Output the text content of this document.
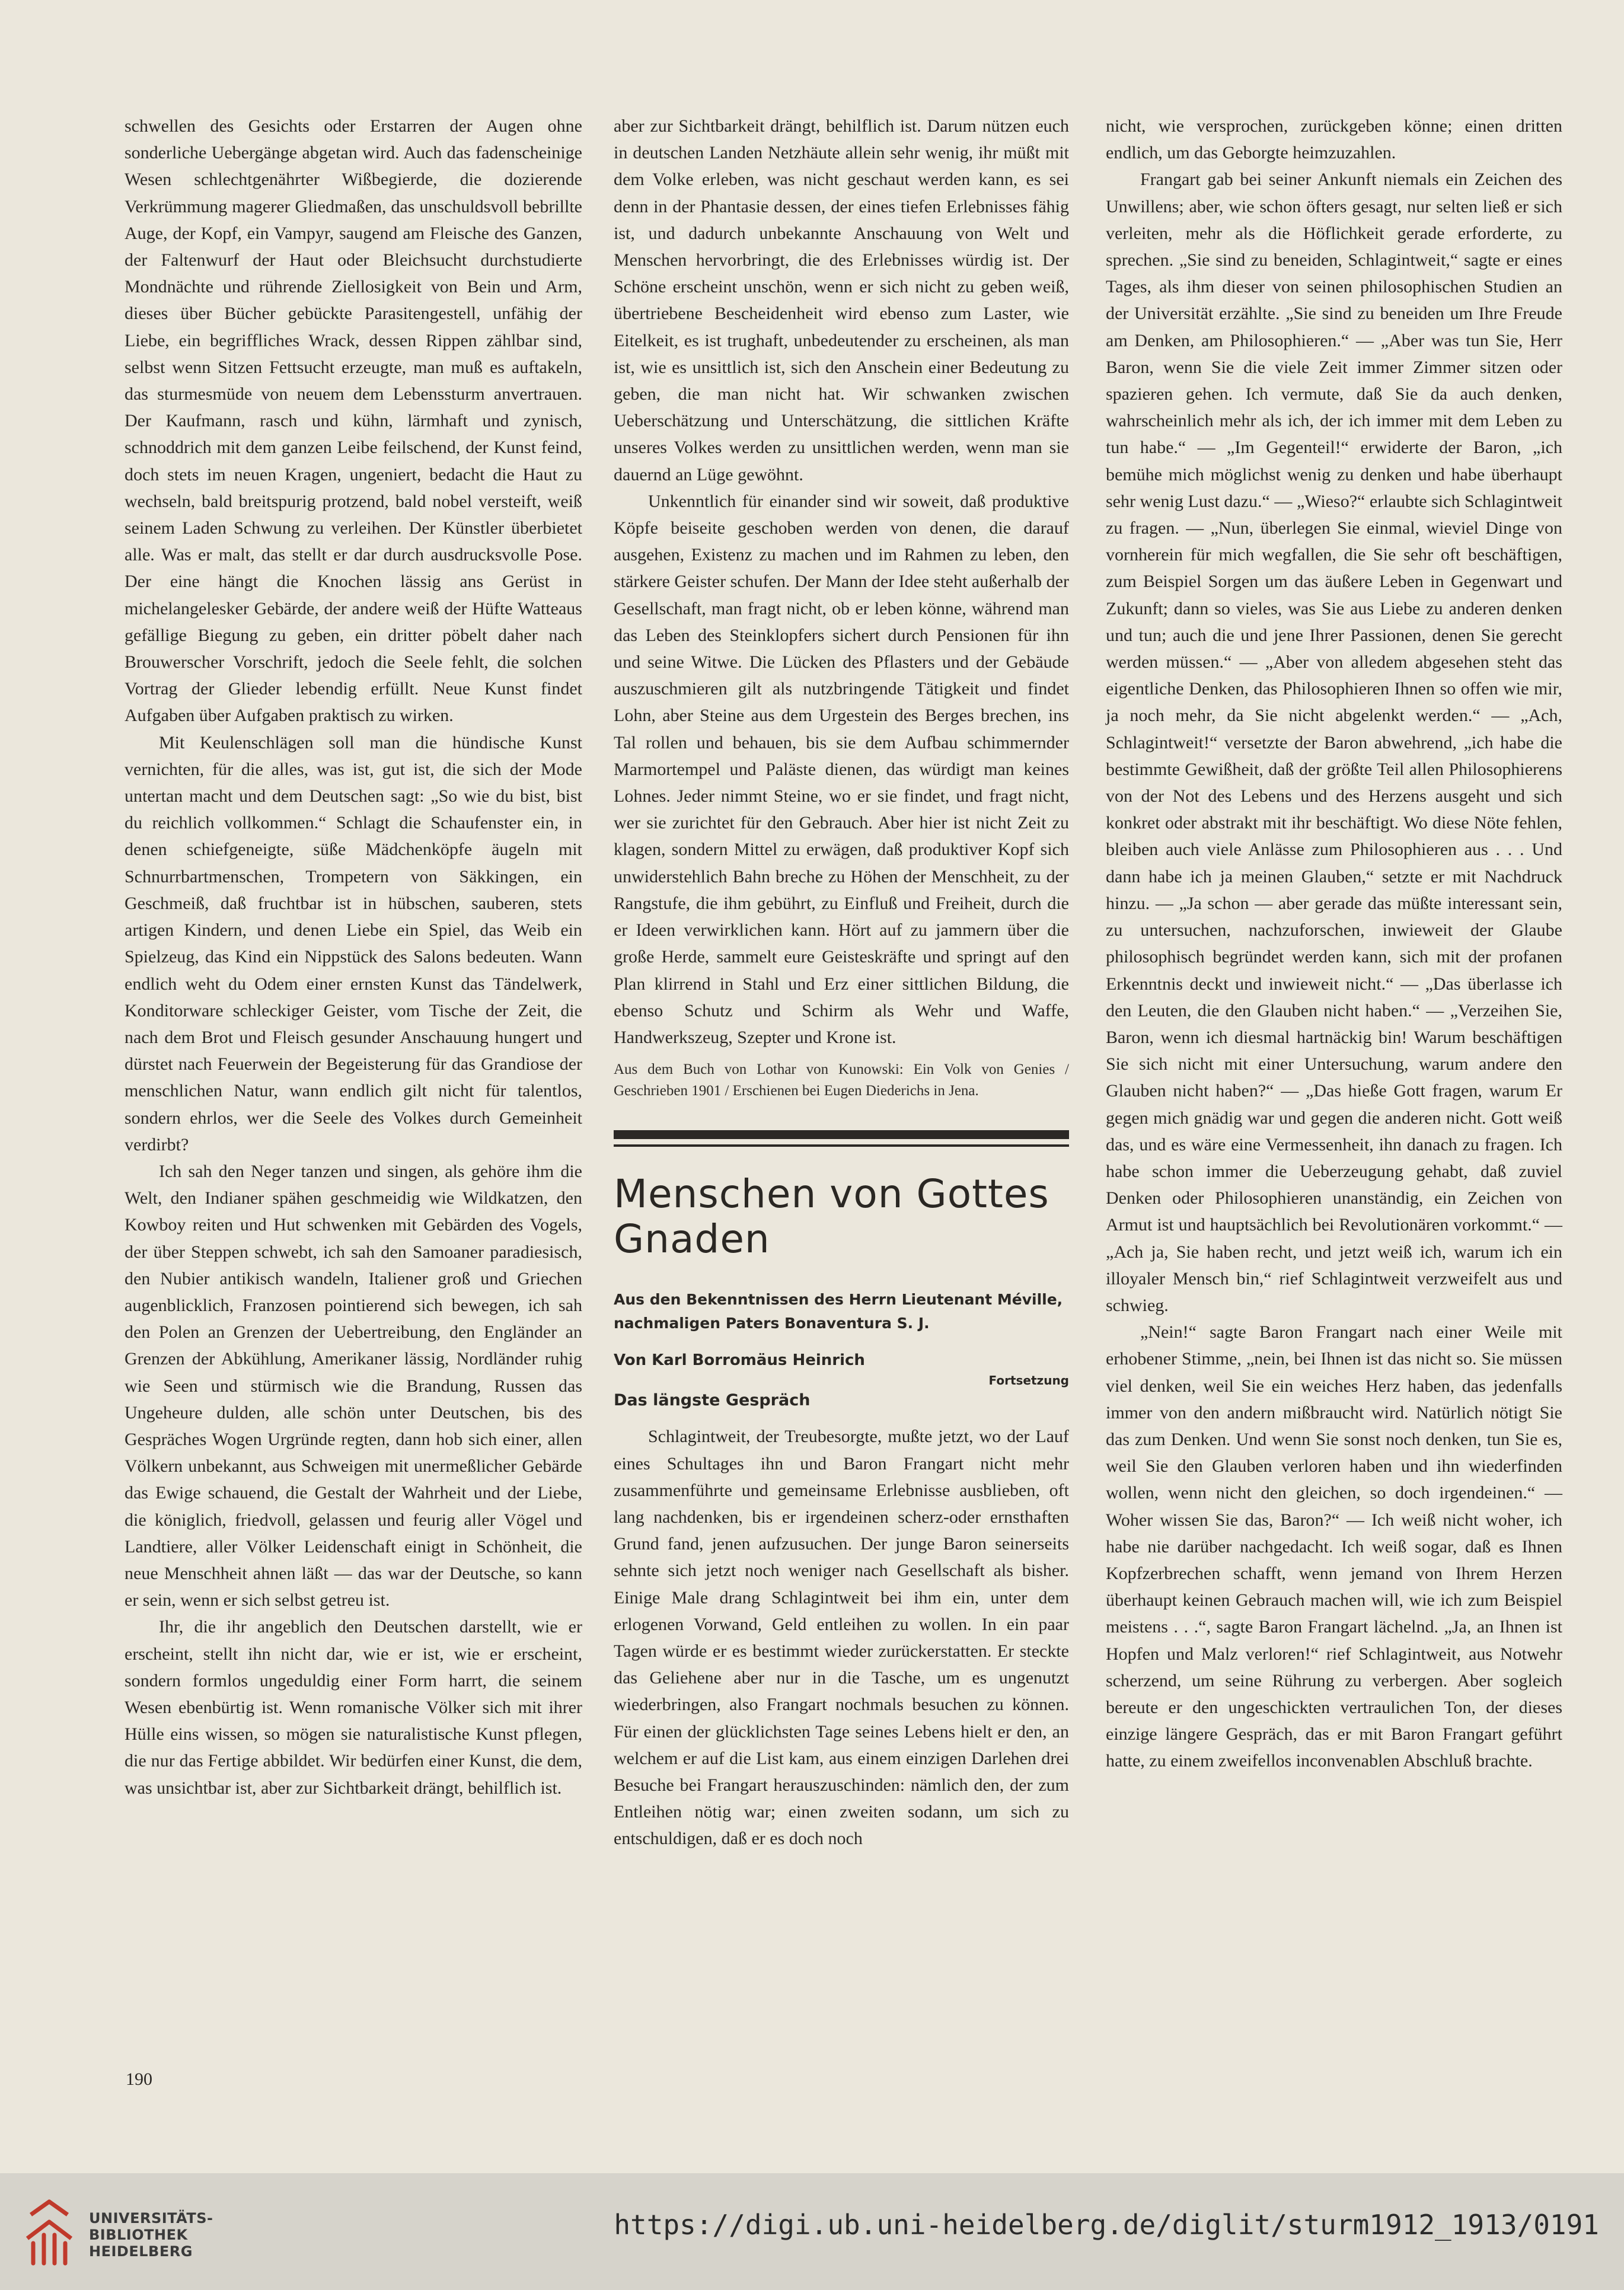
schwellen des Gesichts oder Erstarren der Augen ohne sonderliche Uebergänge abgetan wird. Auch das fadenscheinige Wesen schlechtgenährter Wißbegierde, die dozierende Verkrümmung magerer Gliedmaßen, das unschuldsvoll bebrillte Auge, der Kopf, ein Vampyr, saugend am Fleische des Ganzen, der Faltenwurf der Haut oder Bleichsucht durchstudierte Mondnächte und rührende Ziellosigkeit von Bein und Arm, dieses über Bücher gebückte Parasitengestell, unfähig der Liebe, ein begriffliches Wrack, dessen Rippen zählbar sind, selbst wenn Sitzen Fettsucht erzeugte, man muß es auftakeln, das sturmesmüde von neuem dem Lebenssturm anvertrauen. Der Kaufmann, rasch und kühn, lärmhaft und zynisch, schnoddrich mit dem ganzen Leibe feilschend, der Kunst feind, doch stets im neuen Kragen, ungeniert, bedacht die Haut zu wechseln, bald breitspurig protzend, bald nobel versteift, weiß seinem Laden Schwung zu verleihen. Der Künstler überbietet alle. Was er malt, das stellt er dar durch ausdrucksvolle Pose. Der eine hängt die Knochen lässig ans Gerüst in michelangelesker Gebärde, der andere weiß der Hüfte Watteaus gefällige Biegung zu geben, ein dritter pöbelt daher nach Brouwerscher Vorschrift, jedoch die Seele fehlt, die solchen Vortrag der Glieder lebendig erfüllt. Neue Kunst findet Aufgaben über Aufgaben praktisch zu wirken.

Mit Keulenschlägen soll man die hündische Kunst vernichten, für die alles, was ist, gut ist, die sich der Mode untertan macht und dem Deutschen sagt: „So wie du bist, bist du reichlich vollkommen.“ Schlagt die Schaufenster ein, in denen schiefgeneigte, süße Mädchenköpfe äugeln mit Schnurrbartmenschen, Trompetern von Säkkingen, ein Geschmeiß, daß fruchtbar ist in hübschen, sauberen, stets artigen Kindern, und denen Liebe ein Spiel, das Weib ein Spielzeug, das Kind ein Nippstück des Salons bedeuten. Wann endlich weht du Odem einer ernsten Kunst das Tändelwerk, Konditorware schleckiger Geister, vom Tische der Zeit, die nach dem Brot und Fleisch gesunder Anschauung hungert und dürstet nach Feuerwein der Begeisterung für das Grandiose der menschlichen Natur, wann endlich gilt nicht für talentlos, sondern ehrlos, wer die Seele des Volkes durch Gemeinheit verdirbt?

Ich sah den Neger tanzen und singen, als gehöre ihm die Welt, den Indianer spähen geschmeidig wie Wildkatzen, den Kowboy reiten und Hut schwenken mit Gebärden des Vogels, der über Steppen schwebt, ich sah den Samoaner paradiesisch, den Nubier antikisch wandeln, Italiener groß und Griechen augenblicklich, Franzosen pointierend sich bewegen, ich sah den Polen an Grenzen der Uebertreibung, den Engländer an Grenzen der Abkühlung, Amerikaner lässig, Nordländer ruhig wie Seen und stürmisch wie die Brandung, Russen das Ungeheure dulden, alle schön unter Deutschen, bis des Gespräches Wogen Urgründe regten, dann hob sich einer, allen Völkern unbekannt, aus Schweigen mit unermeßlicher Gebärde das Ewige schauend, die Gestalt der Wahrheit und der Liebe, die königlich, friedvoll, gelassen und feurig aller Vögel und Landtiere, aller Völker Leidenschaft einigt in Schönheit, die neue Menschheit ahnen läßt — das war der Deutsche, so kann er sein, wenn er sich selbst getreu ist.

Ihr, die ihr angeblich den Deutschen darstellt, wie er erscheint, stellt ihn nicht dar, wie er ist, wie er erscheint, sondern formlos ungeduldig einer Form harrt, die seinem Wesen ebenbürtig ist. Wenn romanische Völker sich mit ihrer Hülle eins wissen, so mögen sie naturalistische Kunst pflegen, die nur das Fertige abbildet. Wir bedürfen einer Kunst, die dem, was unsichtbar ist, aber zur Sichtbarkeit drängt, behilflich ist.

aber zur Sichtbarkeit drängt, behilflich ist. Darum nützen euch in deutschen Landen Netzhäute allein sehr wenig, ihr müßt mit dem Volke erleben, was nicht geschaut werden kann, es sei denn in der Phantasie dessen, der eines tiefen Erlebnisses fähig ist, und dadurch unbekannte Anschauung von Welt und Menschen hervorbringt, die des Erlebnisses würdig ist. Der Schöne erscheint unschön, wenn er sich nicht zu geben weiß, übertriebene Bescheidenheit wird ebenso zum Laster, wie Eitelkeit, es ist trughaft, unbedeutender zu erscheinen, als man ist, wie es unsittlich ist, sich den Anschein einer Bedeutung zu geben, die man nicht hat. Wir schwanken zwischen Ueberschätzung und Unterschätzung, die sittlichen Kräfte unseres Volkes werden zu unsittlichen werden, wenn man sie dauernd an Lüge gewöhnt.

Unkenntlich für einander sind wir soweit, daß produktive Köpfe beiseite geschoben werden von denen, die darauf ausgehen, Existenz zu machen und im Rahmen zu leben, den stärkere Geister schufen. Der Mann der Idee steht außerhalb der Gesellschaft, man fragt nicht, ob er leben könne, während man das Leben des Steinklopfers sichert durch Pensionen für ihn und seine Witwe. Die Lücken des Pflasters und der Gebäude auszuschmieren gilt als nutzbringende Tätigkeit und findet Lohn, aber Steine aus dem Urgestein des Berges brechen, ins Tal rollen und behauen, bis sie dem Aufbau schimmernder Marmortempel und Paläste dienen, das würdigt man keines Lohnes. Jeder nimmt Steine, wo er sie findet, und fragt nicht, wer sie zurichtet für den Gebrauch. Aber hier ist nicht Zeit zu klagen, sondern Mittel zu erwägen, daß produktiver Kopf sich unwiderstehlich Bahn breche zu Höhen der Menschheit, zu der Rangstufe, die ihm gebührt, zu Einfluß und Freiheit, durch die er Ideen verwirklichen kann. Hört auf zu jammern über die große Herde, sammelt eure Geisteskräfte und springt auf den Plan klirrend in Stahl und Erz einer sittlichen Bildung, die ebenso Schutz und Schirm als Wehr und Waffe, Handwerkszeug, Szepter und Krone ist.

Aus dem Buch von Lothar von Kunowski: Ein Volk von Genies / Geschrieben 1901 / Erschienen bei Eugen Diederichs in Jena.

Menschen von Gottes Gnaden

Aus den Bekenntnissen des Herrn Lieutenant Méville, nachmaligen Paters Bonaventura S. J.

Von Karl Borromäus Heinrich

Fortsetzung

Das längste Gespräch

Schlagintweit, der Treubesorgte, mußte jetzt, wo der Lauf eines Schultages ihn und Baron Frangart nicht mehr zusammenführte und gemeinsame Erlebnisse ausblieben, oft lang nachdenken, bis er irgendeinen scherz-oder ernsthaften Grund fand, jenen aufzusuchen. Der junge Baron seinerseits sehnte sich jetzt noch weniger nach Gesellschaft als bisher. Einige Male drang Schlagintweit bei ihm ein, unter dem erlogenen Vorwand, Geld entleihen zu wollen. In ein paar Tagen würde er es bestimmt wieder zurückerstatten. Er steckte das Geliehene aber nur in die Tasche, um es ungenutzt wiederbringen, also Frangart nochmals besuchen zu können. Für einen der glücklichsten Tage seines Lebens hielt er den, an welchem er auf die List kam, aus einem einzigen Darlehen drei Besuche bei Frangart herauszuschinden: nämlich den, der zum Entleihen nötig war; einen zweiten sodann, um sich zu entschuldigen, daß er es doch noch

nicht, wie versprochen, zurückgeben könne; einen dritten endlich, um das Geborgte heimzuzahlen.

Frangart gab bei seiner Ankunft niemals ein Zeichen des Unwillens; aber, wie schon öfters gesagt, nur selten ließ er sich verleiten, mehr als die Höflichkeit gerade erforderte, zu sprechen. „Sie sind zu beneiden, Schlagintweit,“ sagte er eines Tages, als ihm dieser von seinen philosophischen Studien an der Universität erzählte. „Sie sind zu beneiden um Ihre Freude am Denken, am Philosophieren.“ — „Aber was tun Sie, Herr Baron, wenn Sie die viele Zeit immer Zimmer sitzen oder spazieren gehen. Ich vermute, daß Sie da auch denken, wahrscheinlich mehr als ich, der ich immer mit dem Leben zu tun habe.“ — „Im Gegenteil!“ erwiderte der Baron, „ich bemühe mich möglichst wenig zu denken und habe überhaupt sehr wenig Lust dazu.“ — „Wieso?“ erlaubte sich Schlagintweit zu fragen. — „Nun, überlegen Sie einmal, wieviel Dinge von vornherein für mich wegfallen, die Sie sehr oft beschäftigen, zum Beispiel Sorgen um das äußere Leben in Gegenwart und Zukunft; dann so vieles, was Sie aus Liebe zu anderen denken und tun; auch die und jene Ihrer Passionen, denen Sie gerecht werden müssen.“ — „Aber von alledem abgesehen steht das eigentliche Denken, das Philosophieren Ihnen so offen wie mir, ja noch mehr, da Sie nicht abgelenkt werden.“ — „Ach, Schlagintweit!“ versetzte der Baron abwehrend, „ich habe die bestimmte Gewißheit, daß der größte Teil allen Philosophierens von der Not des Lebens und des Herzens ausgeht und sich konkret oder abstrakt mit ihr beschäftigt. Wo diese Nöte fehlen, bleiben auch viele Anlässe zum Philosophieren aus . . . Und dann habe ich ja meinen Glauben,“ setzte er mit Nachdruck hinzu. — „Ja schon — aber gerade das müßte interessant sein, zu untersuchen, nachzuforschen, inwieweit der Glaube philosophisch begründet werden kann, sich mit der profanen Erkenntnis deckt und inwieweit nicht.“ — „Das überlasse ich den Leuten, die den Glauben nicht haben.“ — „Verzeihen Sie, Baron, wenn ich diesmal hartnäckig bin! Warum beschäftigen Sie sich nicht mit einer Untersuchung, warum andere den Glauben nicht haben?“ — „Das hieße Gott fragen, warum Er gegen mich gnädig war und gegen die anderen nicht. Gott weiß das, und es wäre eine Vermessenheit, ihn danach zu fragen. Ich habe schon immer die Ueberzeugung gehabt, daß zuviel Denken oder Philosophieren unanständig, ein Zeichen von Armut ist und hauptsächlich bei Revolutionären vorkommt.“ — „Ach ja, Sie haben recht, und jetzt weiß ich, warum ich ein illoyaler Mensch bin,“ rief Schlagintweit verzweifelt aus und schwieg.

„Nein!“ sagte Baron Frangart nach einer Weile mit erhobener Stimme, „nein, bei Ihnen ist das nicht so. Sie müssen viel denken, weil Sie ein weiches Herz haben, das jedenfalls immer von den andern mißbraucht wird. Natürlich nötigt Sie das zum Denken. Und wenn Sie sonst noch denken, tun Sie es, weil Sie den Glauben verloren haben und ihn wiederfinden wollen, wenn nicht den gleichen, so doch irgendeinen.“ — Woher wissen Sie das, Baron?“ — Ich weiß nicht woher, ich habe nie darüber nachgedacht. Ich weiß sogar, daß es Ihnen Kopfzerbrechen schafft, wenn jemand von Ihrem Herzen überhaupt keinen Gebrauch machen will, wie ich zum Beispiel meistens . . .“, sagte Baron Frangart lächelnd. „Ja, an Ihnen ist Hopfen und Malz verloren!“ rief Schlagintweit, aus Notwehr scherzend, um seine Rührung zu verbergen. Aber sogleich bereute er den ungeschickten vertraulichen Ton, der dieses einzige längere Gespräch, das er mit Baron Frangart geführt hatte, zu einem zweifellos inconvenablen Abschluß brachte.

190
UNIVERSITÄTS-
BIBLIOTHEK
HEIDELBERG
https://digi.ub.uni-heidelberg.de/diglit/sturm1912_1913/0191
